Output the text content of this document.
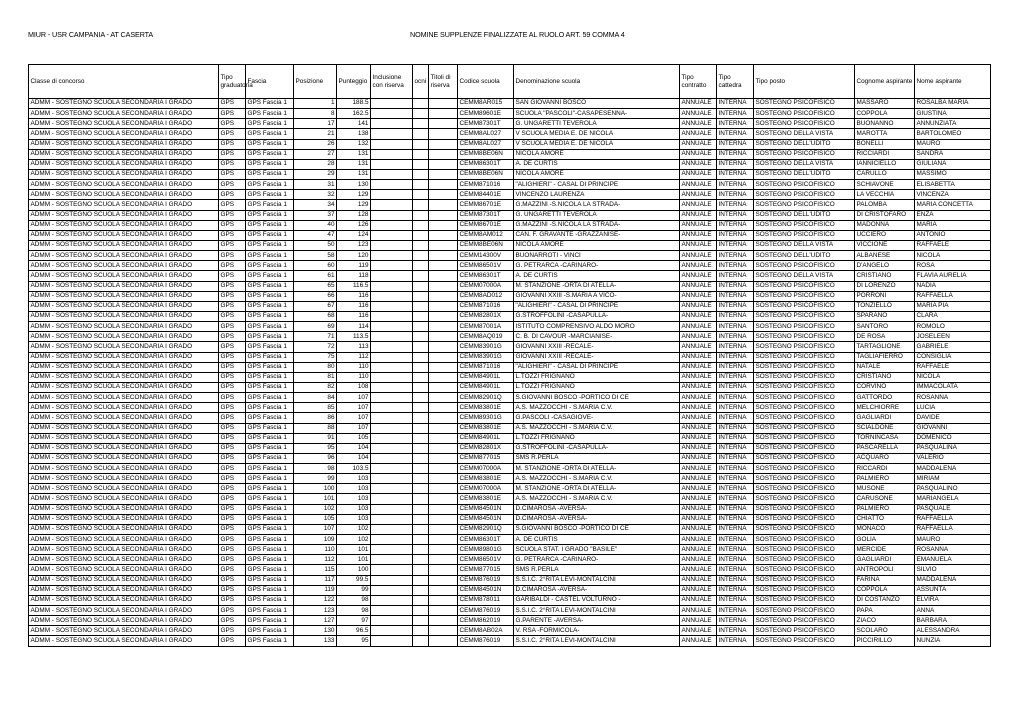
MIUR - USR CAMPANIA - AT CASERTA	NOMINE SUPPLENZE FINALIZZATE AL RUOLO ART. 59 COMMA 4
Classe di concorso	Tipo graduatoria	Fascia	Posizione	Punteggio	Inclusione con riserva	ocni	Titoli di riserva	Codice scuola	Denominazione scuola	Tipo contratto	Tipo cattedra	Tipo posto	Cognome aspirante	Nome aspirante
ADMM - SOSTEGNO SCUOLA SECONDARIA I GRADO	GPS	GPS Fascia 1	1	188.5				CEMM8AR015	SAN GIOVANNI BOSCO	ANNUALE	INTERNA	SOSTEGNO PSICOFISICO	MASSARO	ROSALBA MARIA
ADMM - SOSTEGNO SCUOLA SECONDARIA I GRADO	GPS	GPS Fascia 1	8	162.5				CEMM89601E	SCUOLA "PASCOLI"-CASAPESENNA-	ANNUALE	INTERNA	SOSTEGNO PSICOFISICO	COPPOLA	GIUSTINA
ADMM - SOSTEGNO SCUOLA SECONDARIA I GRADO	GPS	GPS Fascia 1	17	141				CEMM87301T	G. UNGARETTI TEVEROLA	ANNUALE	INTERNA	SOSTEGNO PSICOFISICO	BUONANNO	ANNUNZIATA
ADMM - SOSTEGNO SCUOLA SECONDARIA I GRADO	GPS	GPS Fascia 1	21	138				CEMM8AL027	V SCUOLA MEDIA E. DE NICOLA	ANNUALE	INTERNA	SOSTEGNO DELLA VISTA	MAROTTA	BARTOLOMEO
ADMM - SOSTEGNO SCUOLA SECONDARIA I GRADO	GPS	GPS Fascia 1	26	132				CEMM8AL027	V SCUOLA MEDIA E. DE NICOLA	ANNUALE	INTERNA	SOSTEGNO DELL'UDITO	BONELLI	MAURO
ADMM - SOSTEGNO SCUOLA SECONDARIA I GRADO	GPS	GPS Fascia 1	27	131				CEMM8BE06N	NICOLA AMORE	ANNUALE	INTERNA	SOSTEGNO PSICOFISICO	RICCIARDI	SANDRA
ADMM - SOSTEGNO SCUOLA SECONDARIA I GRADO	GPS	GPS Fascia 1	28	131				CEMM86301T	A. DE CURTIS	ANNUALE	INTERNA	SOSTEGNO DELLA VISTA	IANNICIELLO	GIULIANA
ADMM - SOSTEGNO SCUOLA SECONDARIA I GRADO	GPS	GPS Fascia 1	29	131				CEMM8BE06N	NICOLA AMORE	ANNUALE	INTERNA	SOSTEGNO DELL'UDITO	CARULLO	MASSIMO
ADMM - SOSTEGNO SCUOLA SECONDARIA I GRADO	GPS	GPS Fascia 1	31	130				CEMM871016	"ALIGHIERI" - CASAL DI PRINCIPE	ANNUALE	INTERNA	SOSTEGNO PSICOFISICO	SCHIAVONE	ELISABETTA
ADMM - SOSTEGNO SCUOLA SECONDARIA I GRADO	GPS	GPS Fascia 1	32	129				CEMM84401E	VINCENZO LAURENZA	ANNUALE	INTERNA	SOSTEGNO PSICOFISICO	LA VECCHIA	VINCENZA
ADMM - SOSTEGNO SCUOLA SECONDARIA I GRADO	GPS	GPS Fascia 1	34	129				CEMM86701E	G.MAZZINI -S.NICOLA LA STRADA-	ANNUALE	INTERNA	SOSTEGNO PSICOFISICO	PALOMBA	MARIA CONCETTA
ADMM - SOSTEGNO SCUOLA SECONDARIA I GRADO	GPS	GPS Fascia 1	37	128				CEMM87301T	G. UNGARETTI TEVEROLA	ANNUALE	INTERNA	SOSTEGNO DELL'UDITO	DI CRISTOFARO	ENZA
ADMM - SOSTEGNO SCUOLA SECONDARIA I GRADO	GPS	GPS Fascia 1	40	126				CEMM86701E	G.MAZZINI -S.NICOLA LA STRADA-	ANNUALE	INTERNA	SOSTEGNO PSICOFISICO	MADONNA	MARIA
ADMM - SOSTEGNO SCUOLA SECONDARIA I GRADO	GPS	GPS Fascia 1	47	124				CEMM8AM012	CAN. F. GRAVANTE -GRAZZANISE-	ANNUALE	INTERNA	SOSTEGNO PSICOFISICO	UCCIERO	ANTONIO
ADMM - SOSTEGNO SCUOLA SECONDARIA I GRADO	GPS	GPS Fascia 1	50	123				CEMM8BE06N	NICOLA AMORE	ANNUALE	INTERNA	SOSTEGNO DELLA VISTA	VICCIONE	RAFFAELE
ADMM - SOSTEGNO SCUOLA SECONDARIA I GRADO	GPS	GPS Fascia 1	58	120				CEMM14300V	BUONARROTI - VINCI	ANNUALE	INTERNA	SOSTEGNO DELL'UDITO	ALBANESE	NICOLA
ADMM - SOSTEGNO SCUOLA SECONDARIA I GRADO	GPS	GPS Fascia 1	60	119				CEMM86501V	G. PETRARCA -CARINARO-	ANNUALE	INTERNA	SOSTEGNO PSICOFISICO	D'ANGELO	ROSA
ADMM - SOSTEGNO SCUOLA SECONDARIA I GRADO	GPS	GPS Fascia 1	61	118				CEMM86301T	A. DE CURTIS	ANNUALE	INTERNA	SOSTEGNO DELLA VISTA	CRISTIANO	FLAVIA AURELIA
ADMM - SOSTEGNO SCUOLA SECONDARIA I GRADO	GPS	GPS Fascia 1	65	116.5				CEMM07000A	M. STANZIONE -ORTA DI ATELLA-	ANNUALE	INTERNA	SOSTEGNO PSICOFISICO	DI LORENZO	NADIA
ADMM - SOSTEGNO SCUOLA SECONDARIA I GRADO	GPS	GPS Fascia 1	66	116				CEMM8AD012	GIOVANNI XXIII -S.MARIA A VICO-	ANNUALE	INTERNA	SOSTEGNO PSICOFISICO	PORRONI	RAFFAELLA
ADMM - SOSTEGNO SCUOLA SECONDARIA I GRADO	GPS	GPS Fascia 1	67	116				CEMM871016	"ALIGHIERI" - CASAL DI PRINCIPE	ANNUALE	INTERNA	SOSTEGNO PSICOFISICO	TONZIELLO	MARIA PIA
ADMM - SOSTEGNO SCUOLA SECONDARIA I GRADO	GPS	GPS Fascia 1	68	116				CEMM82801X	G.STROFFOLINI -CASAPULLA-	ANNUALE	INTERNA	SOSTEGNO PSICOFISICO	SPARANO	CLARA
ADMM - SOSTEGNO SCUOLA SECONDARIA I GRADO	GPS	GPS Fascia 1	69	114				CEMM87001A	ISTITUTO COMPRENSIVO ALDO MORO	ANNUALE	INTERNA	SOSTEGNO PSICOFISICO	SANTORO	ROMOLO
ADMM - SOSTEGNO SCUOLA SECONDARIA I GRADO	GPS	GPS Fascia 1	71	113.5				CEMM8AQ019	C. B. DI CAVOUR -MARCIANISE-	ANNUALE	INTERNA	SOSTEGNO PSICOFISICO	DE ROSA	JOSELEEN
ADMM - SOSTEGNO SCUOLA SECONDARIA I GRADO	GPS	GPS Fascia 1	72	113				CEMM83901G	GIOVANNI XXIII -RECALE-	ANNUALE	INTERNA	SOSTEGNO PSICOFISICO	TARTAGLIONE	GABRIELE
ADMM - SOSTEGNO SCUOLA SECONDARIA I GRADO	GPS	GPS Fascia 1	75	112				CEMM83901G	GIOVANNI XXIII -RECALE-	ANNUALE	INTERNA	SOSTEGNO PSICOFISICO	TAGLIAFIERRO	CONSIGLIA
ADMM - SOSTEGNO SCUOLA SECONDARIA I GRADO	GPS	GPS Fascia 1	80	110				CEMM871016	"ALIGHIERI" - CASAL DI PRINCIPE	ANNUALE	INTERNA	SOSTEGNO PSICOFISICO	NATALE	RAFFAELE
ADMM - SOSTEGNO SCUOLA SECONDARIA I GRADO	GPS	GPS Fascia 1	81	110				CEMM84901L	L.TOZZI FRIGNANO	ANNUALE	INTERNA	SOSTEGNO PSICOFISICO	CRISTIANO	NICOLA
ADMM - SOSTEGNO SCUOLA SECONDARIA I GRADO	GPS	GPS Fascia 1	82	108				CEMM84901L	L.TOZZI FRIGNANO	ANNUALE	INTERNA	SOSTEGNO PSICOFISICO	CORVINO	IMMACOLATA
ADMM - SOSTEGNO SCUOLA SECONDARIA I GRADO	GPS	GPS Fascia 1	84	107				CEMM82901Q	S.GIOVANNI BOSCO -PORTICO DI CE	ANNUALE	INTERNA	SOSTEGNO PSICOFISICO	GATTORDO	ROSANNA
ADMM - SOSTEGNO SCUOLA SECONDARIA I GRADO	GPS	GPS Fascia 1	85	107				CEMM83801E	A.S. MAZZOCCHI - S.MARIA C.V.	ANNUALE	INTERNA	SOSTEGNO PSICOFISICO	MELCHIORRE	LUCIA
ADMM - SOSTEGNO SCUOLA SECONDARIA I GRADO	GPS	GPS Fascia 1	86	107				CEMM89301G	G.PASCOLI -CASAGIOVE-	ANNUALE	INTERNA	SOSTEGNO PSICOFISICO	GAGLIARDI	DAVIDE
ADMM - SOSTEGNO SCUOLA SECONDARIA I GRADO	GPS	GPS Fascia 1	88	107				CEMM83801E	A.S. MAZZOCCHI - S.MARIA C.V.	ANNUALE	INTERNA	SOSTEGNO PSICOFISICO	SCIALDONE	GIOVANNI
ADMM - SOSTEGNO SCUOLA SECONDARIA I GRADO	GPS	GPS Fascia 1	91	105				CEMM84901L	L.TOZZI FRIGNANO	ANNUALE	INTERNA	SOSTEGNO PSICOFISICO	TORNINCASA	DOMENICO
ADMM - SOSTEGNO SCUOLA SECONDARIA I GRADO	GPS	GPS Fascia 1	95	104				CEMM82801X	G.STROFFOLINI -CASAPULLA-	ANNUALE	INTERNA	SOSTEGNO PSICOFISICO	PASCARELLA	PASQUALINA
ADMM - SOSTEGNO SCUOLA SECONDARIA I GRADO	GPS	GPS Fascia 1	96	104				CEMM877015	SMS R.PERLA	ANNUALE	INTERNA	SOSTEGNO PSICOFISICO	ACQUARO	VALERIO
ADMM - SOSTEGNO SCUOLA SECONDARIA I GRADO	GPS	GPS Fascia 1	98	103.5				CEMM07000A	M. STANZIONE -ORTA DI ATELLA-	ANNUALE	INTERNA	SOSTEGNO PSICOFISICO	RICCARDI	MADDALENA
ADMM - SOSTEGNO SCUOLA SECONDARIA I GRADO	GPS	GPS Fascia 1	99	103				CEMM83801E	A.S. MAZZOCCHI - S.MARIA C.V.	ANNUALE	INTERNA	SOSTEGNO PSICOFISICO	PALMIERO	MIRIAM
ADMM - SOSTEGNO SCUOLA SECONDARIA I GRADO	GPS	GPS Fascia 1	100	103				CEMM07000A	M. STANZIONE -ORTA DI ATELLA-	ANNUALE	INTERNA	SOSTEGNO PSICOFISICO	MUSONE	PASQUALINO
ADMM - SOSTEGNO SCUOLA SECONDARIA I GRADO	GPS	GPS Fascia 1	101	103				CEMM83801E	A.S. MAZZOCCHI - S.MARIA C.V.	ANNUALE	INTERNA	SOSTEGNO PSICOFISICO	CARUSONE	MARIANGELA
ADMM - SOSTEGNO SCUOLA SECONDARIA I GRADO	GPS	GPS Fascia 1	102	103				CEMM84501N	D.CIMAROSA -AVERSA-	ANNUALE	INTERNA	SOSTEGNO PSICOFISICO	PALMIERO	PASQUALE
ADMM - SOSTEGNO SCUOLA SECONDARIA I GRADO	GPS	GPS Fascia 1	105	103				CEMM84501N	D.CIMAROSA -AVERSA-	ANNUALE	INTERNA	SOSTEGNO PSICOFISICO	CHIATTO	RAFFAELLA
ADMM - SOSTEGNO SCUOLA SECONDARIA I GRADO	GPS	GPS Fascia 1	107	102				CEMM82901Q	S.GIOVANNI BOSCO -PORTICO DI CE	ANNUALE	INTERNA	SOSTEGNO PSICOFISICO	MONACO	RAFFAELLA
ADMM - SOSTEGNO SCUOLA SECONDARIA I GRADO	GPS	GPS Fascia 1	109	102				CEMM86301T	A. DE CURTIS	ANNUALE	INTERNA	SOSTEGNO PSICOFISICO	GOLIA	MAURO
ADMM - SOSTEGNO SCUOLA SECONDARIA I GRADO	GPS	GPS Fascia 1	110	101				CEMM89801G	SCUOLA STAT. I GRADO "BASILE"	ANNUALE	INTERNA	SOSTEGNO PSICOFISICO	MERCIDE	ROSANNA
ADMM - SOSTEGNO SCUOLA SECONDARIA I GRADO	GPS	GPS Fascia 1	112	101				CEMM86501V	G. PETRARCA -CARINARO-	ANNUALE	INTERNA	SOSTEGNO PSICOFISICO	GAGLIARDI	EMANUELA
ADMM - SOSTEGNO SCUOLA SECONDARIA I GRADO	GPS	GPS Fascia 1	115	100				CEMM877015	SMS R.PERLA	ANNUALE	INTERNA	SOSTEGNO PSICOFISICO	ANTROPOLI	SILVIO
ADMM - SOSTEGNO SCUOLA SECONDARIA I GRADO	GPS	GPS Fascia 1	117	99.5				CEMM876019	S.S.I.C. 2°RITA LEVI-MONTALCINI	ANNUALE	INTERNA	SOSTEGNO PSICOFISICO	FARINA	MADDALENA
ADMM - SOSTEGNO SCUOLA SECONDARIA I GRADO	GPS	GPS Fascia 1	119	99				CEMM84501N	D.CIMAROSA -AVERSA-	ANNUALE	INTERNA	SOSTEGNO PSICOFISICO	COPPOLA	ASSUNTA
ADMM - SOSTEGNO SCUOLA SECONDARIA I GRADO	GPS	GPS Fascia 1	122	98				CEMM878011	GARIBALDI - CASTEL VOLTURNO -	ANNUALE	INTERNA	SOSTEGNO PSICOFISICO	DI COSTANZO	ELVIRA
ADMM - SOSTEGNO SCUOLA SECONDARIA I GRADO	GPS	GPS Fascia 1	123	98				CEMM876019	S.S.I.C. 2°RITA LEVI-MONTALCINI	ANNUALE	INTERNA	SOSTEGNO PSICOFISICO	PAPA	ANNA
ADMM - SOSTEGNO SCUOLA SECONDARIA I GRADO	GPS	GPS Fascia 1	127	97				CEMM862019	G.PARENTE -AVERSA-	ANNUALE	INTERNA	SOSTEGNO PSICOFISICO	ZIACO	BARBARA
ADMM - SOSTEGNO SCUOLA SECONDARIA I GRADO	GPS	GPS Fascia 1	130	96.5				CEMM8AB02A	V. RSA -FORMICOLA-	ANNUALE	INTERNA	SOSTEGNO PSICOFISICO	SCOLARO	ALESSANDRA
ADMM - SOSTEGNO SCUOLA SECONDARIA I GRADO	GPS	GPS Fascia 1	133	95				CEMM876019	S.S.I.C. 2°RITA LEVI-MONTALCINI	ANNUALE	INTERNA	SOSTEGNO PSICOFISICO	PICCIRILLO	NUNZIA
